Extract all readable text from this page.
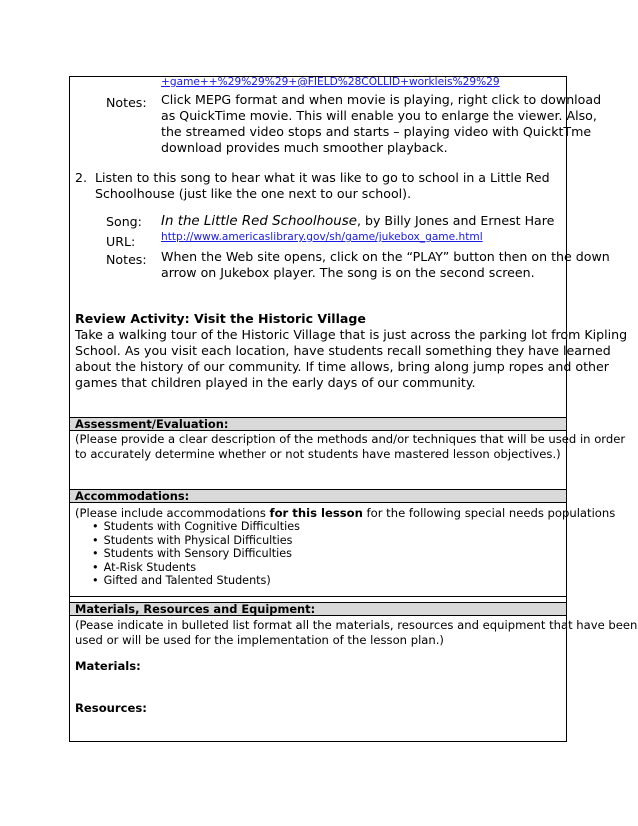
+game++%29%29%29+@FIELD%28COLLID+workleis%29%29
Notes: Click MEPG format and when movie is playing, right click to download
as QuickTime movie. This will enable you to enlarge the viewer. Also,
the streamed video stops and starts – playing video with QuicktTme
download provides much smoother playback.
2. Listen to this song to hear what it was like to go to school in a Little Red
Schoolhouse (just like the one next to our school).
Song: In the Little Red Schoolhouse, by Billy Jones and Ernest Hare
URL: http://www.americaslibrary.gov/sh/game/jukebox_game.html
Notes: When the Web site opens, click on the “PLAY” button then on the down
arrow on Jukebox player. The song is on the second screen.
Review Activity: Visit the Historic Village
Take a walking tour of the Historic Village that is just across the parking lot from Kipling
School. As you visit each location, have students recall something they have learned
about the history of our community. If time allows, bring along jump ropes and other
games that children played in the early days of our community.
Assessment/Evaluation:
(Please provide a clear description of the methods and/or techniques that will be used in order
to accurately determine whether or not students have mastered lesson objectives.)
Accommodations:
(Please include accommodations for this lesson for the following special needs populations
• Students with Cognitive Difficulties
• Students with Physical Difficulties
• Students with Sensory Difficulties
• At-Risk Students
• Gifted and Talented Students)
Materials, Resources and Equipment:
(Pease indicate in bulleted list format all the materials, resources and equipment that have been
used or will be used for the implementation of the lesson plan.)
Materials:
Resources:
